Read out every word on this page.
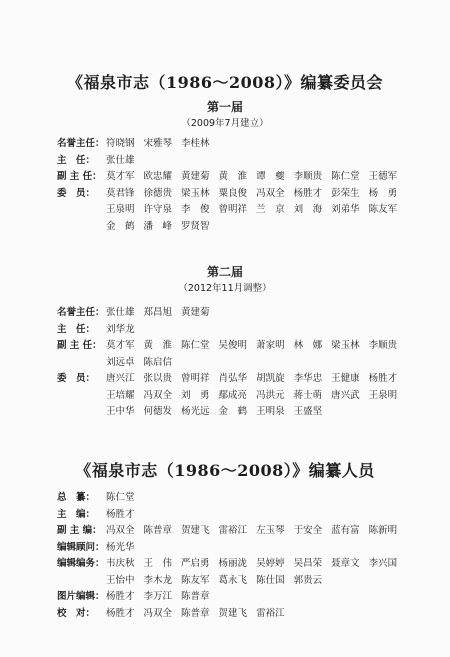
《福泉市志（1986～2008）》编纂委员会
第一届
（2009年7月建立）
名誉主任： 符晓钢 宋雅琴 李桂林
主　任： 张仕雄
副 主 任： 莫才军 欧忠耀 黄建菊 黄　淮 谭　夔 李顺贵 陈仁堂 王德军
委　员： 莫君锋 徐德贵 梁玉林 粟良俊 冯双全 杨胜才 彭荣生 杨　勇
王泉明 许守泉 李　俊 曾明祥 兰　京 刘　海 刘弟华 陈友军
金　鹤 潘　峰 罗贤智
第二届
（2012年11月调整）
名誉主任： 张仕雄 郑昌旭 黄建菊
主　任： 刘华龙
副 主 任： 莫才军 黄　淮 陈仁堂 吴俊明 萧家明 林　娜 梁玉林 李顺贵
刘远卓 陈启信
委　员： 唐兴江 张以贵 曾明祥 肖弘华 胡凯旋 李华忠 王健康 杨胜才
王培耀 冯双全 刘　勇 鄢成亮 冯洪元 蒋士萌 唐兴武 王泉明
王中华 何德发 杨光远 金　鹤 王明泉 王盛坚
《福泉市志（1986～2008）》编纂人员
总　纂： 陈仁堂
主　编： 杨胜才
副 主 编： 冯双全 陈普章 贺建飞 雷裕江 左玉琴 于安全 蓝有富 陈新明
编辑顾问： 杨光华
编辑编务： 韦庆秋 王　伟 严启勇 杨丽泷 吴婷婷 吴昌荣 聂章文 李兴国
王怡中 李木龙 陈友军 葛永飞 陈仕国 郭贵云
图片编辑： 杨胜才 李万江 陈普章
校　对： 杨胜才 冯双全 陈普章 贺建飞 雷裕江
